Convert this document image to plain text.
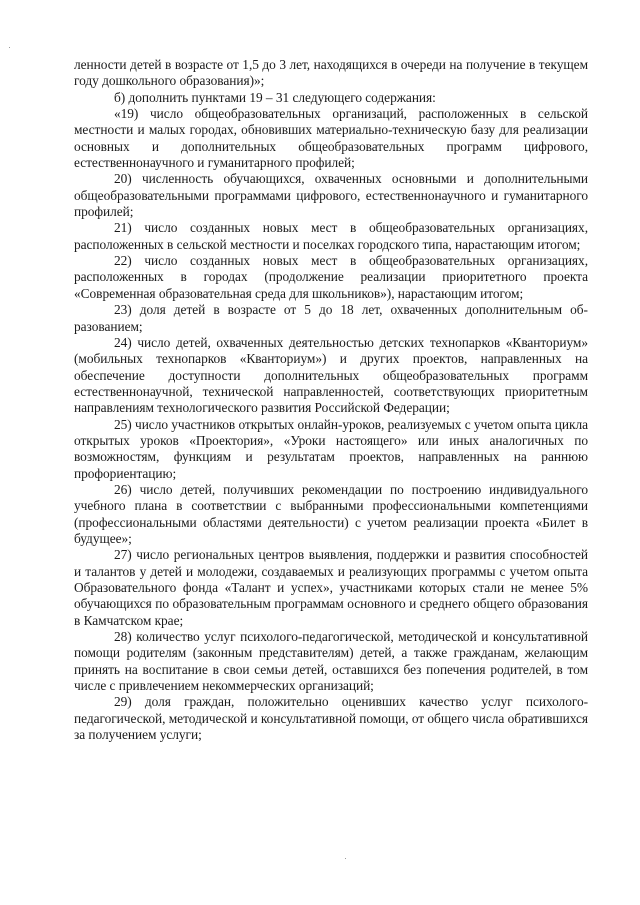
ленности детей в возрасте от 1,5 до 3 лет, находящихся в очереди на получение в текущем году дошкольного образования)»;

б) дополнить пунктами 19 – 31 следующего содержания:

«19) число общеобразовательных организаций, расположенных в сельской местности и малых городах, обновивших материально-техническую базу для реализации основных и дополнительных общеобразовательных программ цифрового, естественнонаучного и гуманитарного профилей;

20) численность обучающихся, охваченных основными и дополнительными общеобразовательными программами цифрового, естественнонаучного и гуманитарного профилей;

21) число созданных новых мест в общеобразовательных организациях, расположенных в сельской местности и поселках городского типа, нарастающим итогом;

22) число созданных новых мест в общеобразовательных организациях, расположенных в городах (продолжение реализации приоритетного проекта «Современная образовательная среда для школьников»), нарастающим итогом;

23) доля детей в возрасте от 5 до 18 лет, охваченных дополнительным образованием;

24) число детей, охваченных деятельностью детских технопарков «Кванториум» (мобильных технопарков «Кванториум») и других проектов, направленных на обеспечение доступности дополнительных общеобразовательных программ естественнонаучной, технической направленностей, соответствующих приоритетным направлениям технологического развития Российской Федерации;

25) число участников открытых онлайн-уроков, реализуемых с учетом опыта цикла открытых уроков «Проектория», «Уроки настоящего» или иных аналогичных по возможностям, функциям и результатам проектов, направленных на раннюю профориентацию;

26) число детей, получивших рекомендации по построению индивидуального учебного плана в соответствии с выбранными профессиональными компетенциями (профессиональными областями деятельности) с учетом реализации проекта «Билет в будущее»;

27) число региональных центров выявления, поддержки и развития способностей и талантов у детей и молодежи, создаваемых и реализующих программы с учетом опыта Образовательного фонда «Талант и успех», участниками которых стали не менее 5% обучающихся по образовательным программам основного и среднего общего образования в Камчатском крае;

28) количество услуг психолого-педагогической, методической и консультативной помощи родителям (законным представителям) детей, а также гражданам, желающим принять на воспитание в свои семьи детей, оставшихся без попечения родителей, в том числе с привлечением некоммерческих организаций;

29) доля граждан, положительно оценивших качество услуг психолого-педагогической, методической и консультативной помощи, от общего числа обратившихся за получением услуги;
